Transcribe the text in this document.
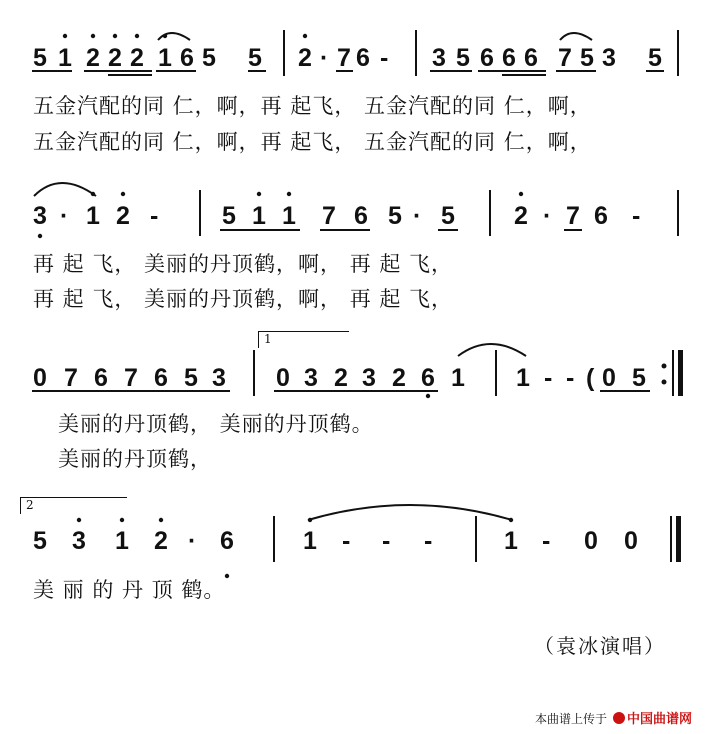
5 1 2 2 2 1 6 5 5 2 · 7 6 - 3 5 6 6 6 7 5 3 5
五金汽配的同 仁，啊，再 起飞， 五金汽配的同 仁，啊，
五金汽配的同 仁，啊，再 起飞， 五金汽配的同 仁，啊，
3 · 1 2 -	5 1 1 7 6 5 · 5 2 · 7 6 -
再 起 飞， 美丽的丹顶鹤，啊， 再 起 飞，
再 起 飞， 美丽的丹顶鹤，啊， 再 起 飞，
1
0 7 6 7 6 5 3 0 3 2 3 2 6 1 1 - - ( 0 5
美丽的丹顶鹤， 美丽的丹顶鹤。
美丽的丹顶鹤，
2
5 3 1 2 · 6	1 - - -	1 - 0 0
美 丽 的 丹 顶 鹤。
（袁冰演唱）
本曲谱上传于	中国曲谱网
